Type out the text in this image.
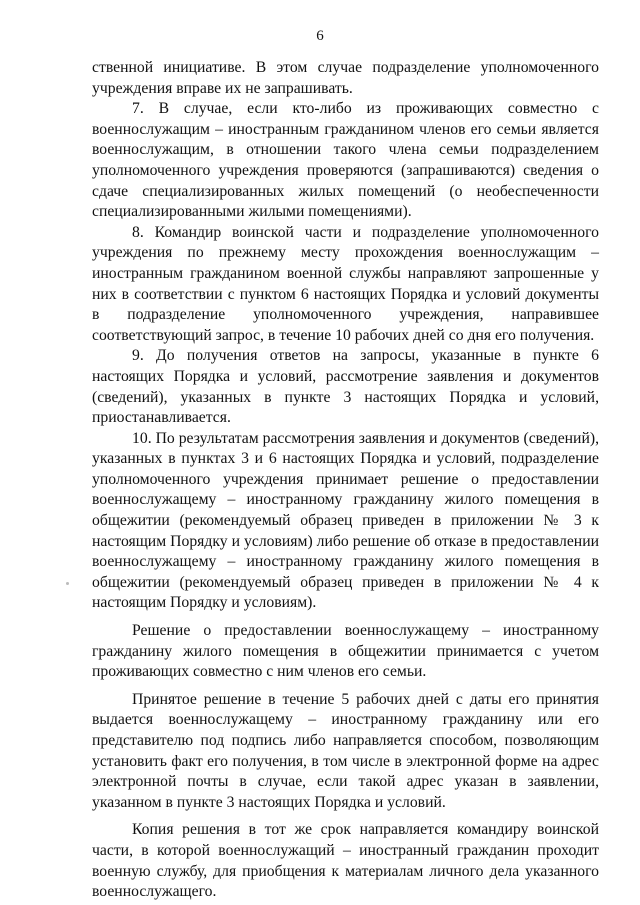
6

ственной инициативе. В этом случае подразделение уполномоченного учреждения вправе их не запрашивать.

7. В случае, если кто-либо из проживающих совместно с военнослужащим – иностранным гражданином членов его семьи является военнослужащим, в отношении такого члена семьи подразделением уполномоченного учреждения проверяются (запрашиваются) сведения о сдаче специализированных жилых помещений (о необеспеченности специализированными жилыми помещениями).

8. Командир воинской части и подразделение уполномоченного учреждения по прежнему месту прохождения военнослужащим – иностранным гражданином военной службы направляют запрошенные у них в соответствии с пунктом 6 настоящих Порядка и условий документы в подразделение уполномоченного учреждения, направившее соответствующий запрос, в течение 10 рабочих дней со дня его получения.

9. До получения ответов на запросы, указанные в пункте 6 настоящих Порядка и условий, рассмотрение заявления и документов (сведений), указанных в пункте 3 настоящих Порядка и условий, приостанавливается.

10. По результатам рассмотрения заявления и документов (сведений), указанных в пунктах 3 и 6 настоящих Порядка и условий, подразделение уполномоченного учреждения принимает решение о предоставлении военнослужащему – иностранному гражданину жилого помещения в общежитии (рекомендуемый образец приведен в приложении № 3 к настоящим Порядку и условиям) либо решение об отказе в предоставлении военнослужащему – иностранному гражданину жилого помещения в общежитии (рекомендуемый образец приведен в приложении № 4 к настоящим Порядку и условиям).

Решение о предоставлении военнослужащему – иностранному гражданину жилого помещения в общежитии принимается с учетом проживающих совместно с ним членов его семьи.

Принятое решение в течение 5 рабочих дней с даты его принятия выдается военнослужащему – иностранному гражданину или его представителю под подпись либо направляется способом, позволяющим установить факт его получения, в том числе в электронной форме на адрес электронной почты в случае, если такой адрес указан в заявлении, указанном в пункте 3 настоящих Порядка и условий.

Копия решения в тот же срок направляется командиру воинской части, в которой военнослужащий – иностранный гражданин проходит военную службу, для приобщения к материалам личного дела указанного военнослужащего.
